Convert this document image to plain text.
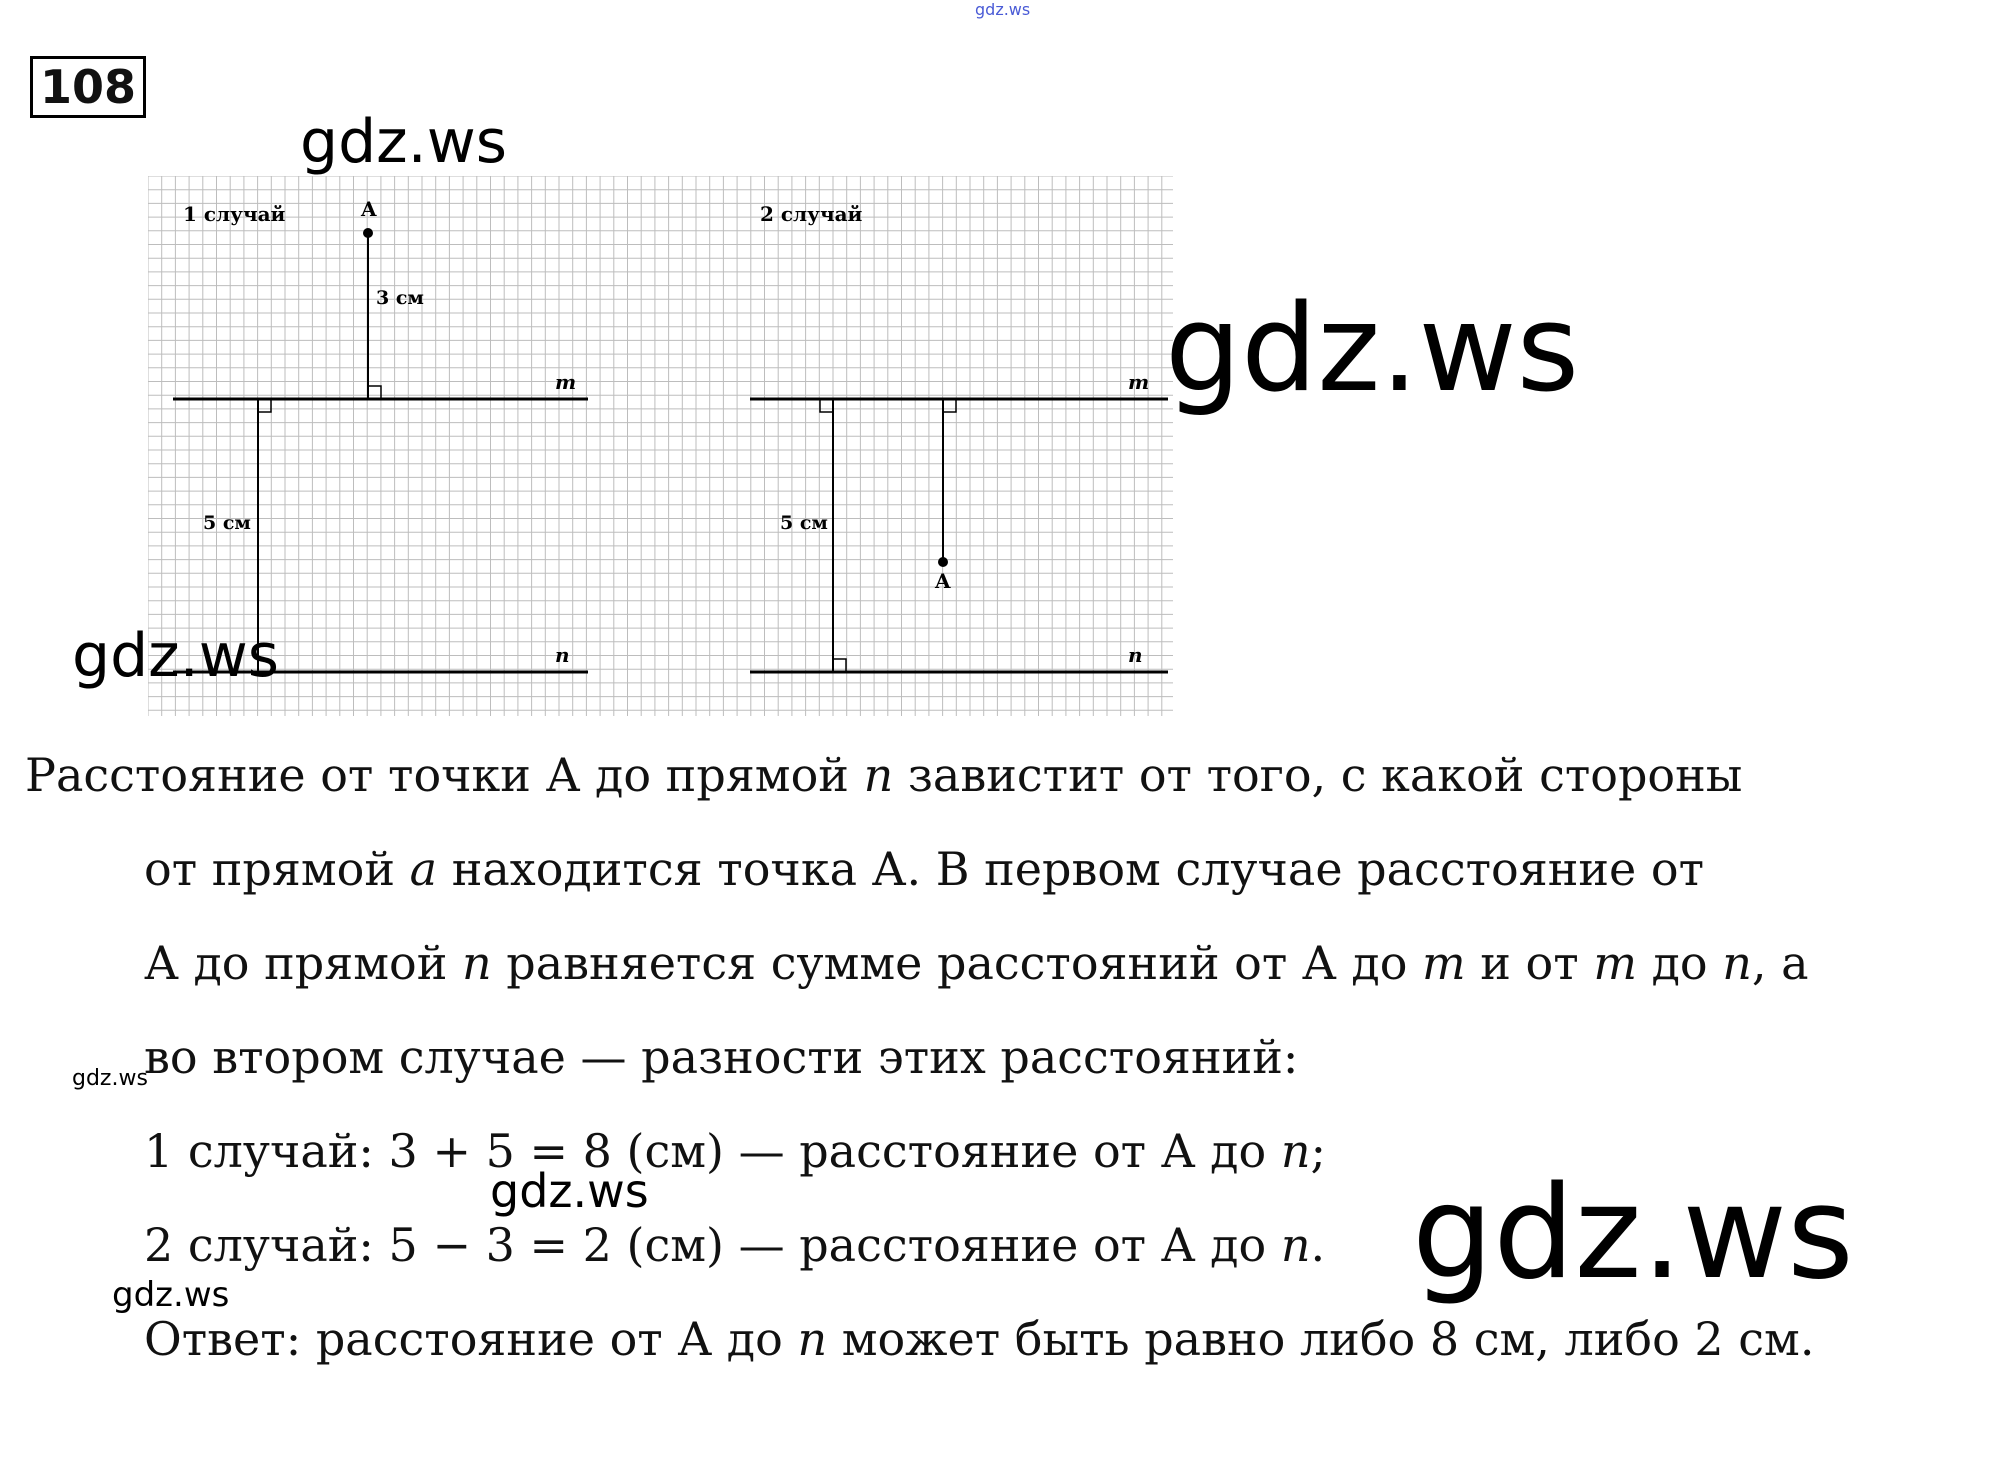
gdz.ws
108
gdz.ws
1 случай
m
n
A
3 см
5 см
2 случай
m
n
5 см
A
gdz.ws
gdz.ws
Расстояние от точки А до прямой n завистит от того, с какой стороны
от прямой a находится точка А. В первом случае расстояние от
А до прямой n равняется сумме расстояний от А до m и от m до n, а
во втором случае — разности этих расстояний:
1 случай: 3 + 5 = 8 (см) — расстояние от А до n;
2 случай: 5 − 3 = 2 (см) — расстояние от А до n.
Ответ: расстояние от А до n может быть равно либо 8 см, либо 2 см.
gdz.ws
gdz.ws	gdz.ws
gdz.ws
